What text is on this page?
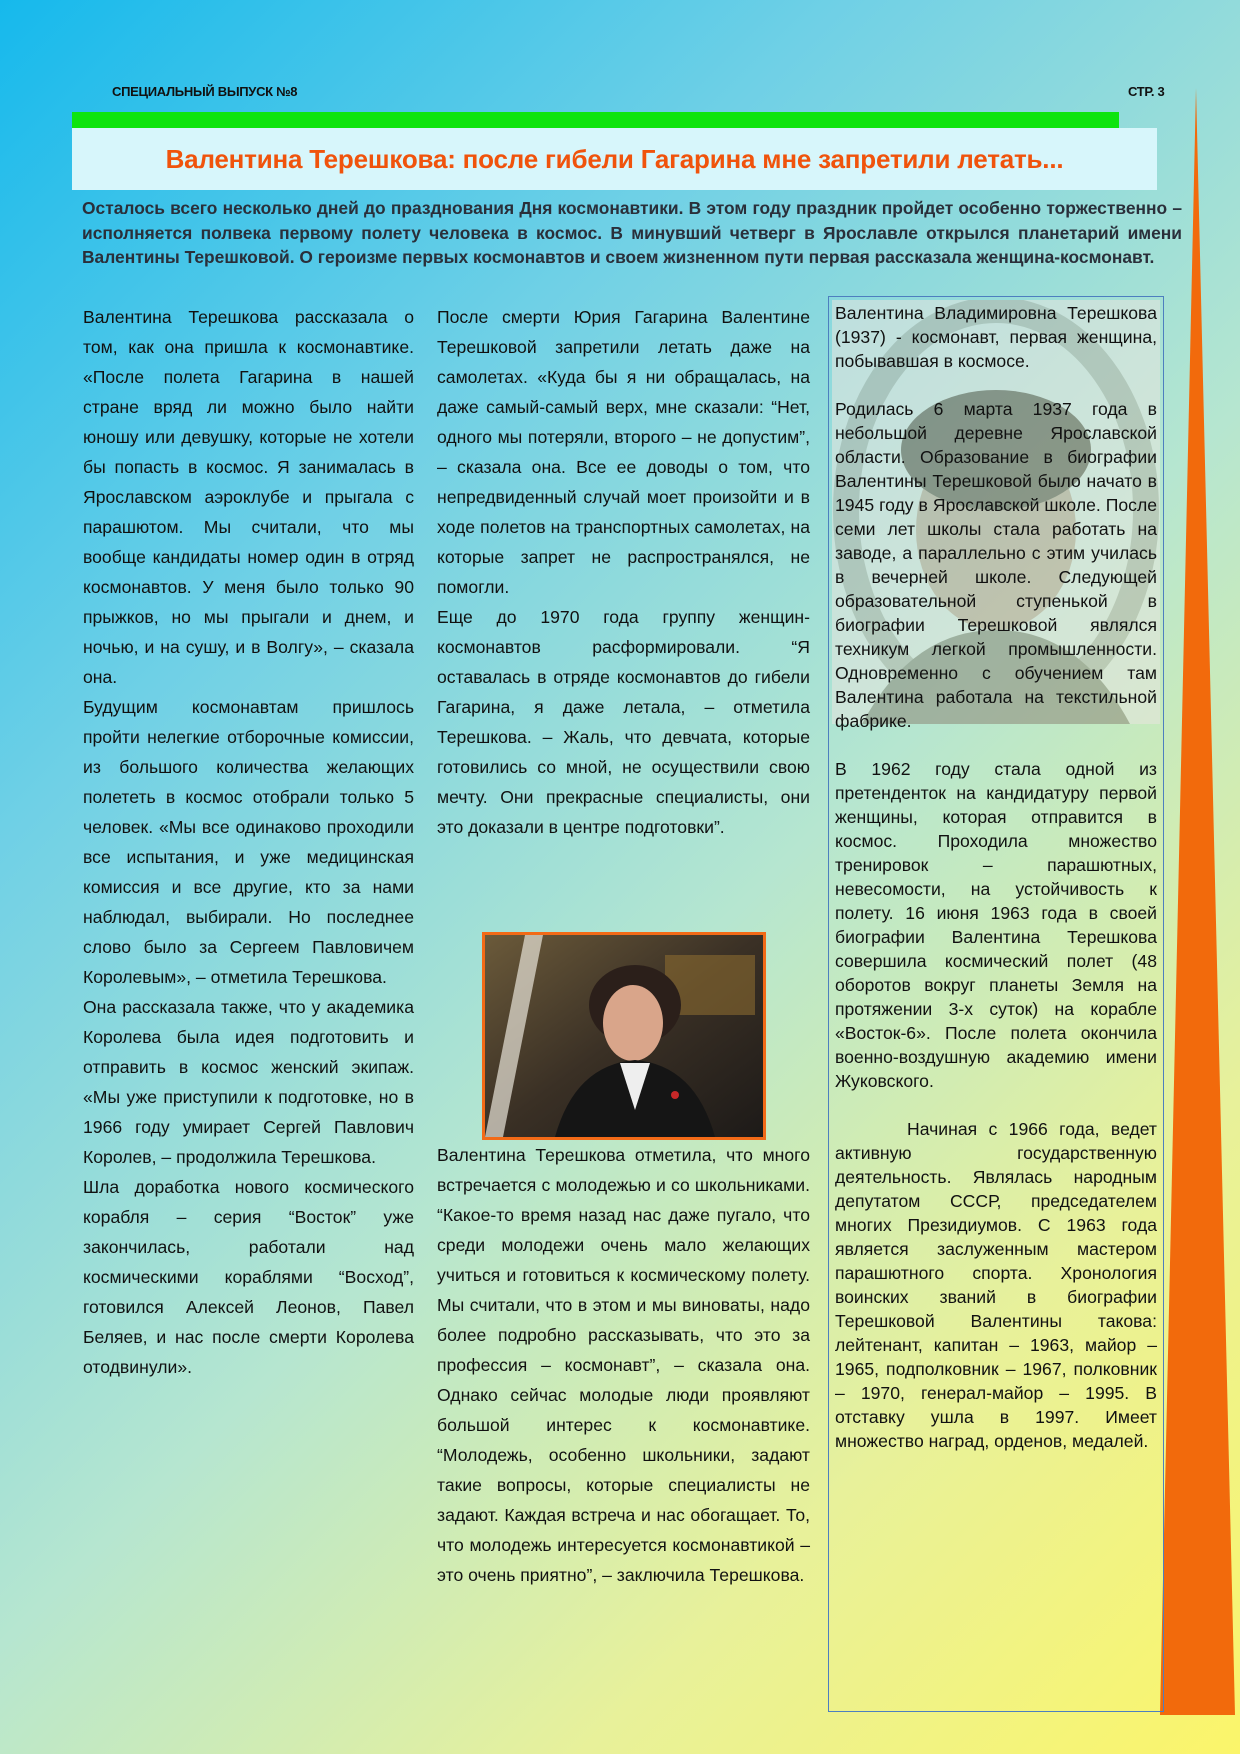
СПЕЦИАЛЬНЫЙ ВЫПУСК №8	СТР. 3
Валентина Терешкова: после гибели Гагарина мне запретили летать...

Осталось всего несколько дней до празднования Дня космонавтики. В этом году праздник пройдет особенно торжественно – исполняется полвека первому полету человека в космос. В минувший четверг в Ярославле открылся планетарий имени Валентины Терешковой. О героизме первых космонавтов и своем жизненном пути первая рассказала женщина-космонавт.

Валентина Терешкова рассказала о том, как она пришла к космонавтике. «После полета Гагарина в нашей стране вряд ли можно было найти юношу или девушку, которые не хотели бы попасть в космос. Я занималась в Ярославском аэроклубе и прыгала с парашютом. Мы считали, что мы вообще кандидаты номер один в отряд космонавтов. У меня было только 90 прыжков, но мы прыгали и днем, и ночью, и на сушу, и в Волгу», – сказала она.

Будущим космонавтам пришлось пройти нелегкие отборочные комиссии, из большого количества желающих полететь в космос отобрали только 5 человек. «Мы все одинаково проходили все испытания, и уже медицинская комиссия и все другие, кто за нами наблюдал, выбирали. Но последнее слово было за Сергеем Павловичем Королевым», – отметила Терешкова.

Она рассказала также, что у академика Королева была идея подготовить и отправить в космос женский экипаж. «Мы уже приступили к подготовке, но в 1966 году умирает Сергей Павлович Королев, – продолжила Терешкова.

Шла доработка нового космического корабля – серия “Восток” уже закончилась, работали над космическими кораблями “Восход”, готовился Алексей Леонов, Павел Беляев, и нас после смерти Королева отодвинули».

После смерти Юрия Гагарина Валентине Терешковой запретили летать даже на самолетах. «Куда бы я ни обращалась, на даже самый-самый верх, мне сказали: “Нет, одного мы потеряли, второго – не допустим”, – сказала она. Все ее доводы о том, что непредвиденный случай моет произойти и в ходе полетов на транспортных самолетах, на которые запрет не распространялся, не помогли.

Еще до 1970 года группу женщин-космонавтов расформировали. “Я оставалась в отряде космонавтов до гибели Гагарина, я даже летала, – отметила Терешкова. – Жаль, что девчата, которые готовились со мной, не осуществили свою мечту. Они прекрасные специалисты, они это доказали в центре подготовки”.

Валентина Терешкова отметила, что много встречается с молодежью и со школьниками. “Какое-то время назад нас даже пугало, что среди молодежи очень мало желающих учиться и готовиться к космическому полету. Мы считали, что в этом и мы виноваты, надо более подробно рассказывать, что это за профессия – космонавт”, – сказала она. Однако сейчас молодые люди проявляют большой интерес к космонавтике. “Молодежь, особенно школьники, задают такие вопросы, которые специалисты не задают. Каждая встреча и нас обогащает. То, что молодежь интересуется космонавтикой – это очень приятно”, – заключила Терешкова.

Валентина Владимировна Терешкова (1937) - космонавт, первая женщина, побывавшая в космосе.

Родилась 6 марта 1937 года в небольшой деревне Ярославской области. Образование в биографии Валентины Терешковой было начато в 1945 году в Ярославской школе. После семи лет школы стала работать на заводе, а параллельно с этим училась в вечерней школе. Следующей образовательной ступенькой в биографии Терешковой являлся техникум легкой промышленности. Одновременно с обучением там Валентина работала на текстильной фабрике.

В 1962 году стала одной из претенденток на кандидатуру первой женщины, которая отправится в космос. Проходила множество тренировок – парашютных, невесомости, на устойчивость к полету. 16 июня 1963 года в своей биографии Валентина Терешкова совершила космический полет (48 оборотов вокруг планеты Земля на протяжении 3-х суток) на корабле «Восток-6». После полета окончила военно-воздушную академию имени Жуковского.

Начиная с 1966 года, ведет активную государственную деятельность. Являлась народным депутатом СССР, председателем многих Президиумов. С 1963 года является заслуженным мастером парашютного спорта. Хронология воинских званий в биографии Терешковой Валентины такова: лейтенант, капитан – 1963, майор – 1965, подполковник – 1967, полковник – 1970, генерал-майор – 1995. В отставку ушла в 1997. Имеет множество наград, орденов, медалей.
